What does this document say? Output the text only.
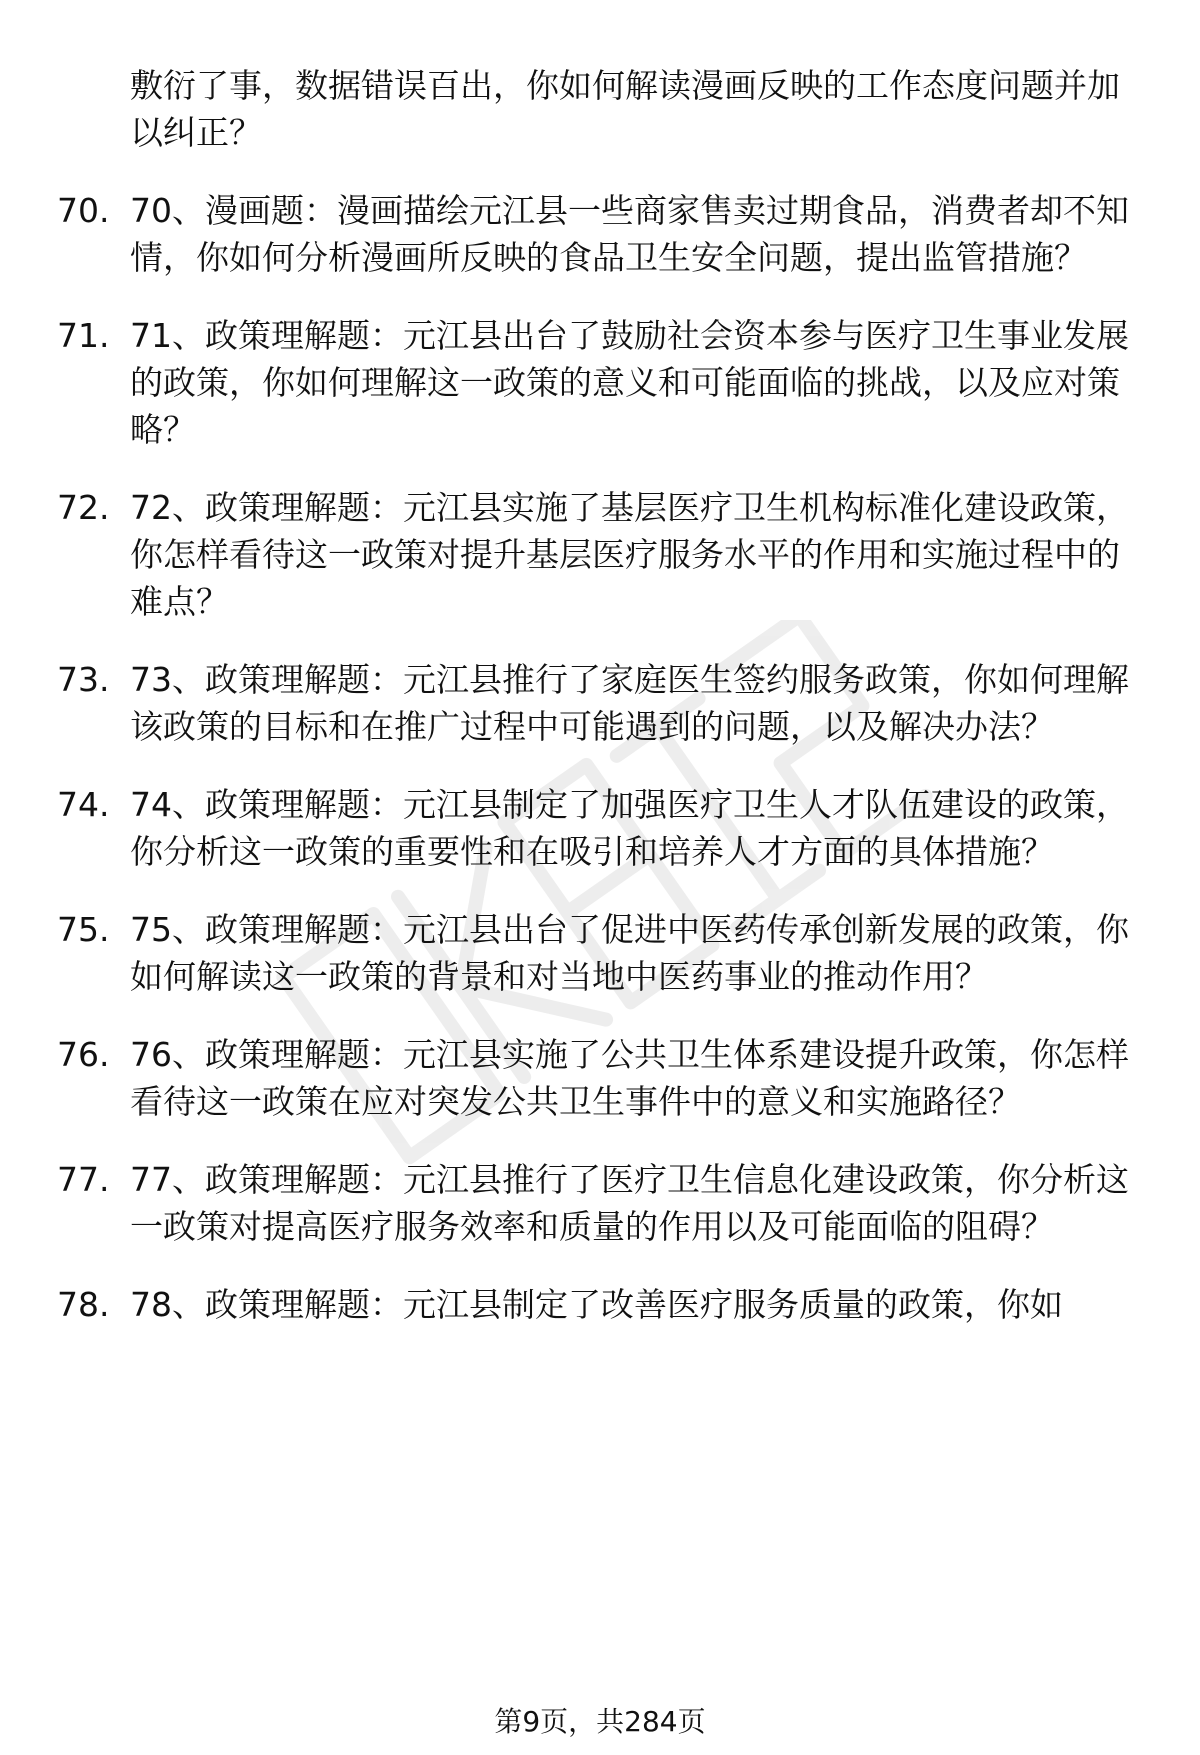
敷衍了事，数据错误百出，你如何解读漫画反映的工作态度问题并加以纠正？
70. 70、漫画题：漫画描绘元江县一些商家售卖过期食品，消费者却不知情，你如何分析漫画所反映的食品卫生安全问题，提出监管措施？
71. 71、政策理解题：元江县出台了鼓励社会资本参与医疗卫生事业发展的政策，你如何理解这一政策的意义和可能面临的挑战，以及应对策略？
72. 72、政策理解题：元江县实施了基层医疗卫生机构标准化建设政策，你怎样看待这一政策对提升基层医疗服务水平的作用和实施过程中的难点？
73. 73、政策理解题：元江县推行了家庭医生签约服务政策，你如何理解该政策的目标和在推广过程中可能遇到的问题，以及解决办法？
74. 74、政策理解题：元江县制定了加强医疗卫生人才队伍建设的政策，你分析这一政策的重要性和在吸引和培养人才方面的具体措施？
75. 75、政策理解题：元江县出台了促进中医药传承创新发展的政策，你如何解读这一政策的背景和对当地中医药事业的推动作用？
76. 76、政策理解题：元江县实施了公共卫生体系建设提升政策，你怎样看待这一政策在应对突发公共卫生事件中的意义和实施路径？
77. 77、政策理解题：元江县推行了医疗卫生信息化建设政策，你分析这一政策对提高医疗服务效率和质量的作用以及可能面临的阻碍？
78. 78、政策理解题：元江县制定了改善医疗服务质量的政策，你如
第9页，共284页
